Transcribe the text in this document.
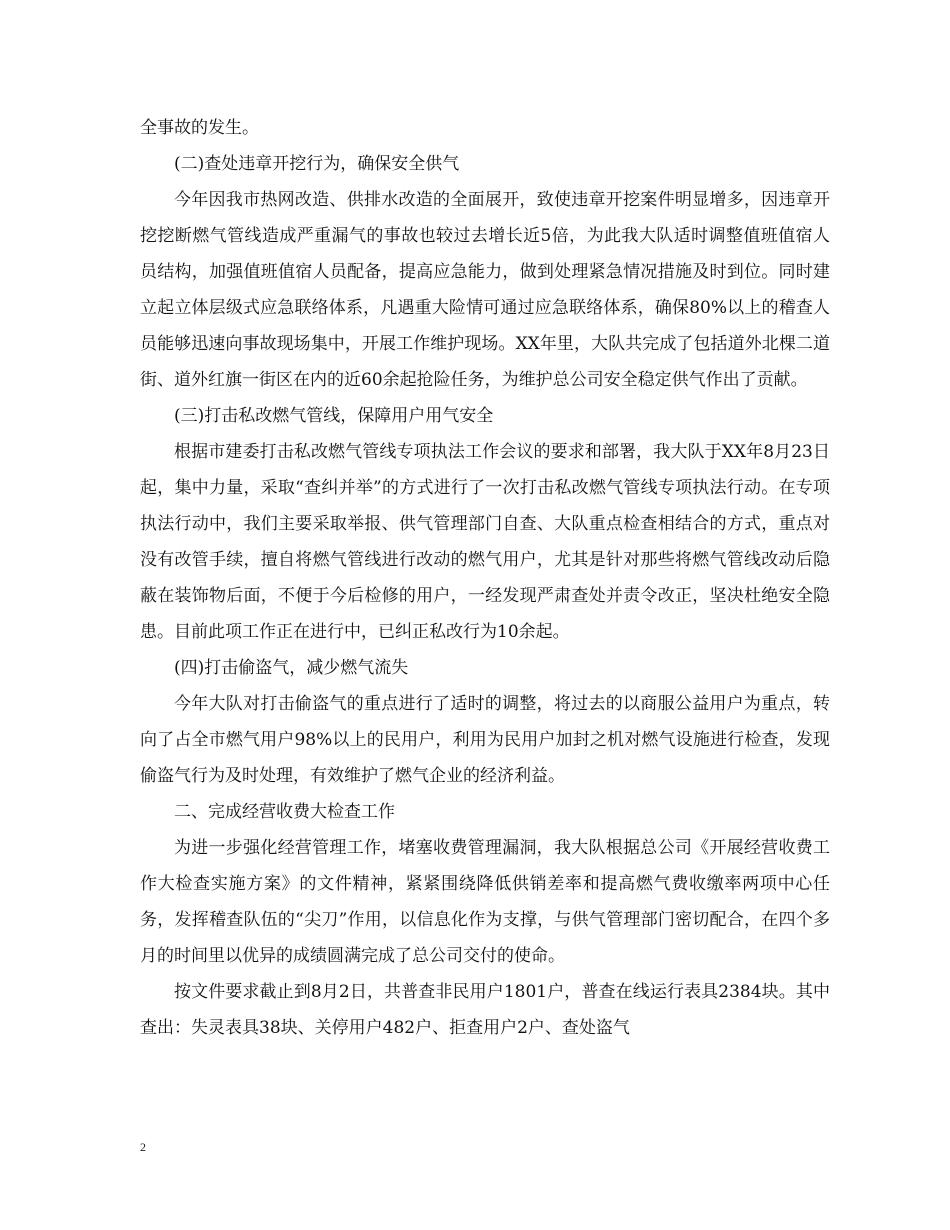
全事故的发生。

(二)查处违章开挖行为，确保安全供气

今年因我市热网改造、供排水改造的全面展开，致使违章开挖案件明显增多，因违章开挖挖断燃气管线造成严重漏气的事故也较过去增长近5倍，为此我大队适时调整值班值宿人员结构，加强值班值宿人员配备，提高应急能力，做到处理紧急情况措施及时到位。同时建立起立体层级式应急联络体系，凡遇重大险情可通过应急联络体系，确保80%以上的稽查人员能够迅速向事故现场集中，开展工作维护现场。XX年里，大队共完成了包括道外北棵二道街、道外红旗一街区在内的近60余起抢险任务，为维护总公司安全稳定供气作出了贡献。

(三)打击私改燃气管线，保障用户用气安全

根据市建委打击私改燃气管线专项执法工作会议的要求和部署，我大队于XX年8月23日起，集中力量，采取“查纠并举”的方式进行了一次打击私改燃气管线专项执法行动。在专项执法行动中，我们主要采取举报、供气管理部门自查、大队重点检查相结合的方式，重点对没有改管手续，擅自将燃气管线进行改动的燃气用户，尤其是针对那些将燃气管线改动后隐蔽在装饰物后面，不便于今后检修的用户，一经发现严肃查处并责令改正，坚决杜绝安全隐患。目前此项工作正在进行中，已纠正私改行为10余起。

(四)打击偷盗气，减少燃气流失

今年大队对打击偷盗气的重点进行了适时的调整，将过去的以商服公益用户为重点，转向了占全市燃气用户98%以上的民用户，利用为民用户加封之机对燃气设施进行检查，发现偷盗气行为及时处理，有效维护了燃气企业的经济利益。

二、完成经营收费大检查工作

为进一步强化经营管理工作，堵塞收费管理漏洞，我大队根据总公司《开展经营收费工作大检查实施方案》的文件精神，紧紧围绕降低供销差率和提高燃气费收缴率两项中心任务，发挥稽查队伍的“尖刀”作用，以信息化作为支撑，与供气管理部门密切配合，在四个多月的时间里以优异的成绩圆满完成了总公司交付的使命。

按文件要求截止到8月2日，共普查非民用户1801户，普查在线运行表具2384块。其中查出：失灵表具38块、关停用户482户、拒查用户2户、查处盗气

2
